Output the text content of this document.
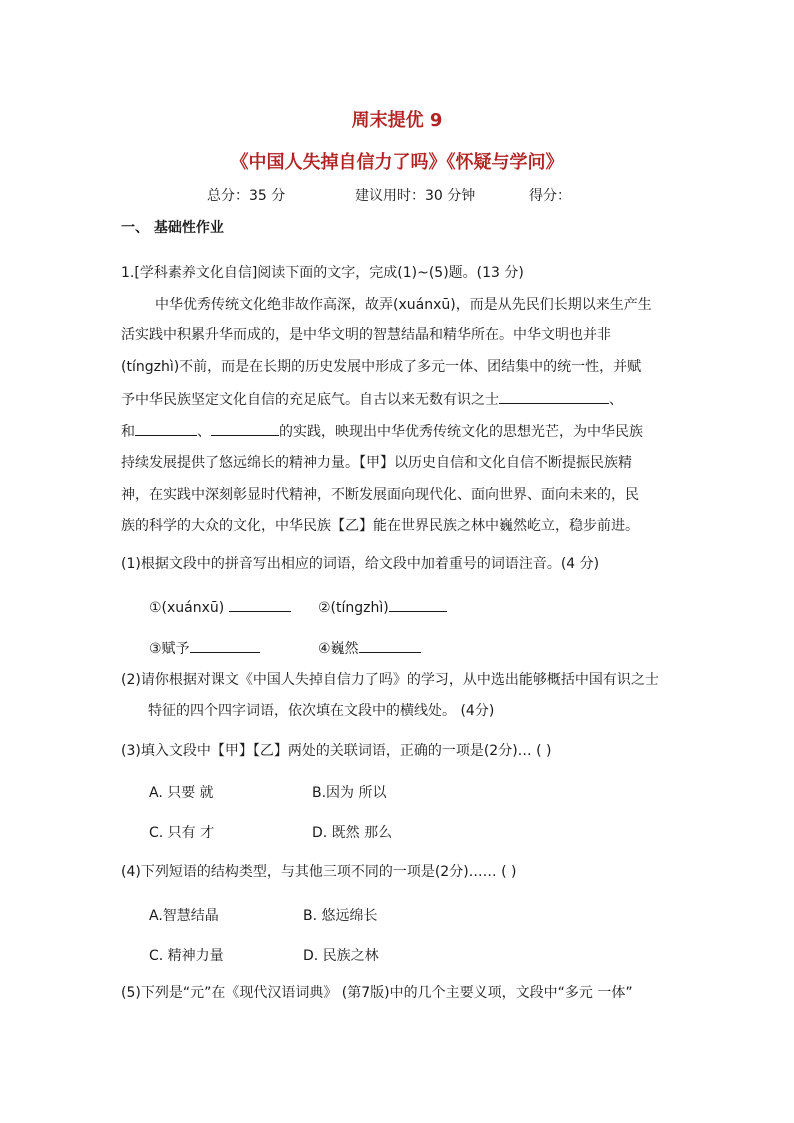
周末提优 9
《中国人失掉自信力了吗》《怀疑与学问》
总分：35 分	建议用时：30 分钟	得分：
一、 基础性作业
1.[学科素养文化自信]阅读下面的文字，完成(1)~(5)题。(13 分)
中华优秀传统文化绝非故作高深，故弄(xuánxū)，而是从先民们长期以来生产生
活实践中积累升华而成的，是中华文明的智慧结晶和精华所在。中华文明也并非
(tíngzhì)不前，而是在长期的历史发展中形成了多元一体、团结集中的统一性，并赋
予中华民族坚定文化自信的充足底气。自古以来无数有识之士	、
和	、	的实践，映现出中华优秀传统文化的思想光芒，为中华民族
持续发展提供了悠远绵长的精神力量。【甲】以历史自信和文化自信不断提振民族精
神，在实践中深刻彰显时代精神，不断发展面向现代化、面向世界、面向未来的，民
族的科学的大众的文化，中华民族【乙】能在世界民族之林中巍然屹立，稳步前进。
(1)根据文段中的拼音写出相应的词语，给文段中加着重号的词语注音。(4 分)
①(xuánxū)	②(tíngzhì)
③赋予	④巍然
(2)请你根据对课文《中国人失掉自信力了吗》的学习，从中选出能够概括中国有识之士
特征的四个四字词语，依次填在文段中的横线处。 (4分)
(3)填入文段中【甲】【乙】两处的关联词语，正确的一项是(2分)… ( )
A. 只要 就	B.因为 所以
C. 只有 才	D. 既然 那么
(4)下列短语的结构类型，与其他三项不同的一项是(2分)…… ( )
A.智慧结晶	B. 悠远绵长
C. 精神力量	D. 民族之林
(5)下列是“元”在《现代汉语词典》 (第7版)中的几个主要义项，文段中“多元 一体”
